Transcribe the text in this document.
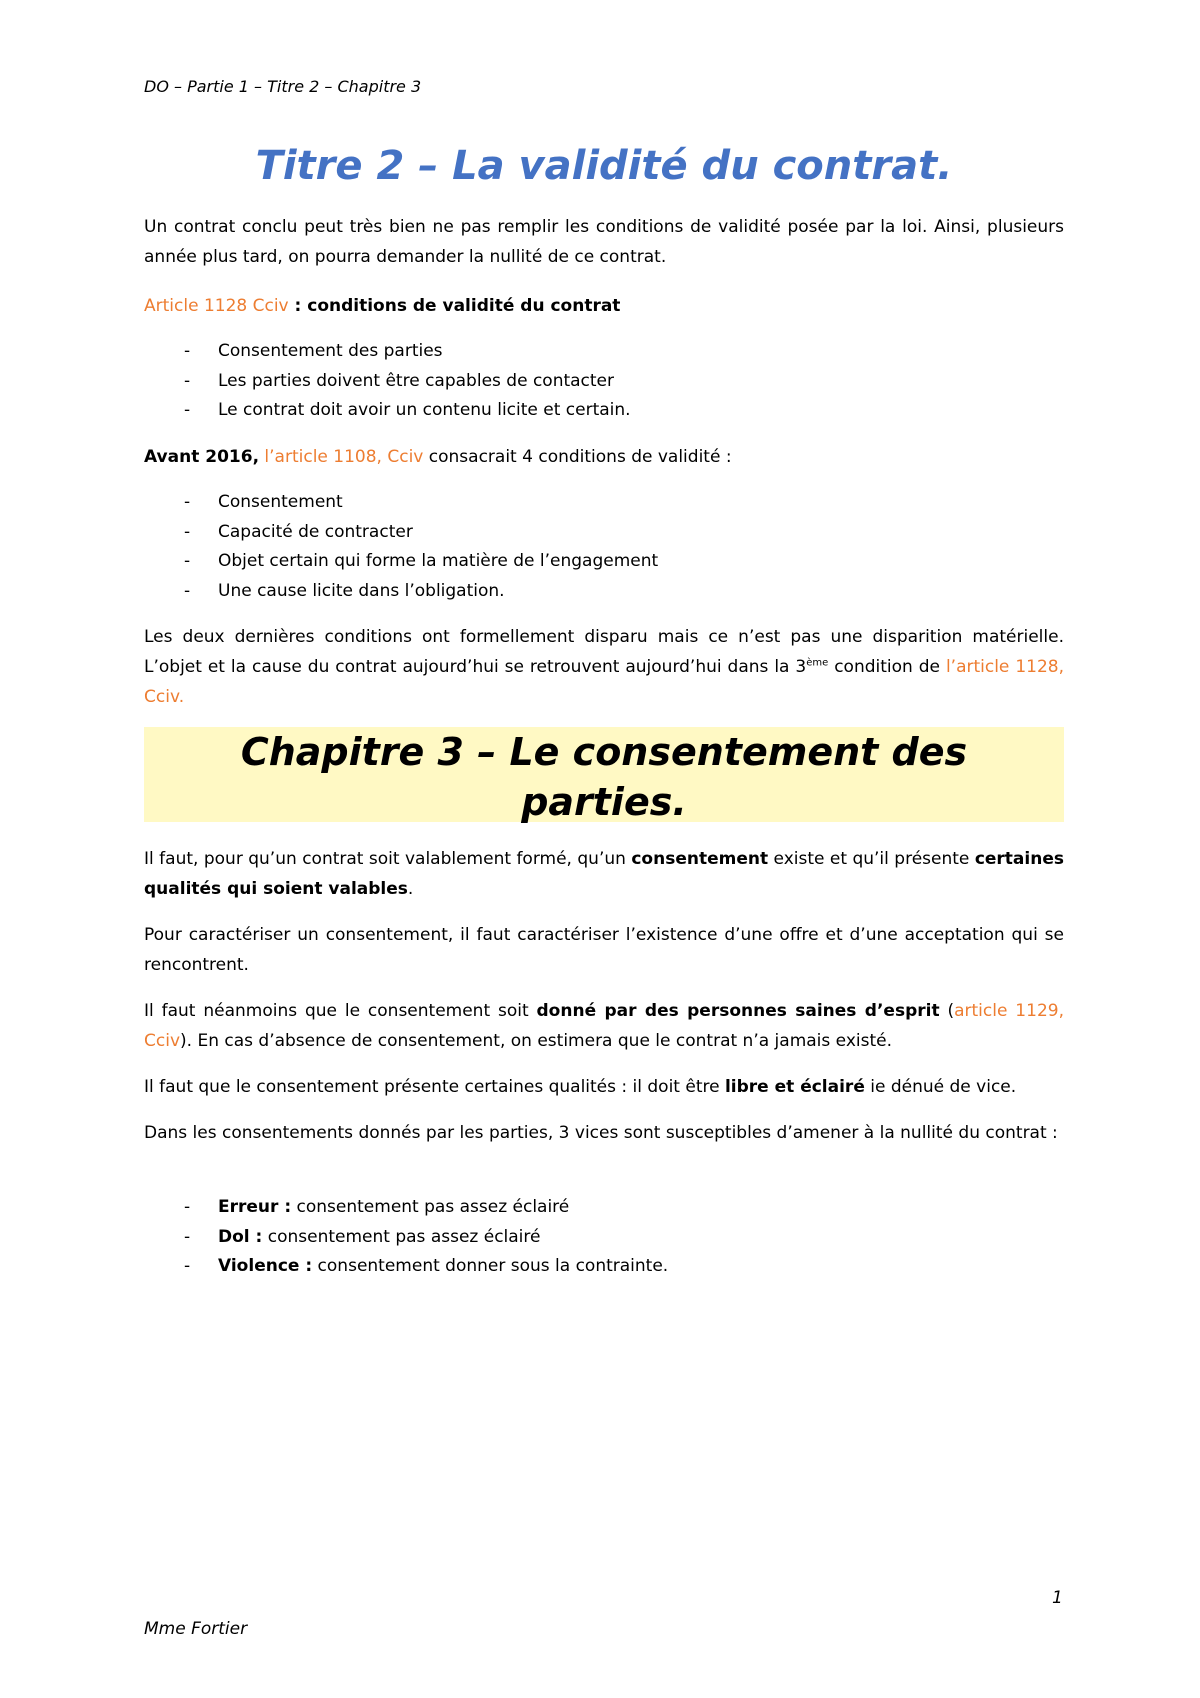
DO – Partie 1 – Titre 2 – Chapitre 3
Titre 2 – La validité du contrat.
Un contrat conclu peut très bien ne pas remplir les conditions de validité posée par la loi. Ainsi, plusieurs année plus tard, on pourra demander la nullité de ce contrat.
Article 1128 Cciv : conditions de validité du contrat
- Consentement des parties
- Les parties doivent être capables de contacter
- Le contrat doit avoir un contenu licite et certain.
Avant 2016, l’article 1108, Cciv consacrait 4 conditions de validité :
- Consentement
- Capacité de contracter
- Objet certain qui forme la matière de l’engagement
- Une cause licite dans l’obligation.
Les deux dernières conditions ont formellement disparu mais ce n’est pas une disparition matérielle. L’objet et la cause du contrat aujourd’hui se retrouvent aujourd’hui dans la 3ème condition de l’article 1128, Cciv.
Chapitre 3 – Le consentement des
parties.
Il faut, pour qu’un contrat soit valablement formé, qu’un consentement existe et qu’il présente certaines qualités qui soient valables.
Pour caractériser un consentement, il faut caractériser l’existence d’une offre et d’une acceptation qui se rencontrent.
Il faut néanmoins que le consentement soit donné par des personnes saines d’esprit (article 1129, Cciv). En cas d’absence de consentement, on estimera que le contrat n’a jamais existé.
Il faut que le consentement présente certaines qualités : il doit être libre et éclairé ie dénué de vice.
Dans les consentements donnés par les parties, 3 vices sont susceptibles d’amener à la nullité du contrat :
- Erreur : consentement pas assez éclairé
- Dol : consentement pas assez éclairé
- Violence : consentement donner sous la contrainte.
1
Mme Fortier
